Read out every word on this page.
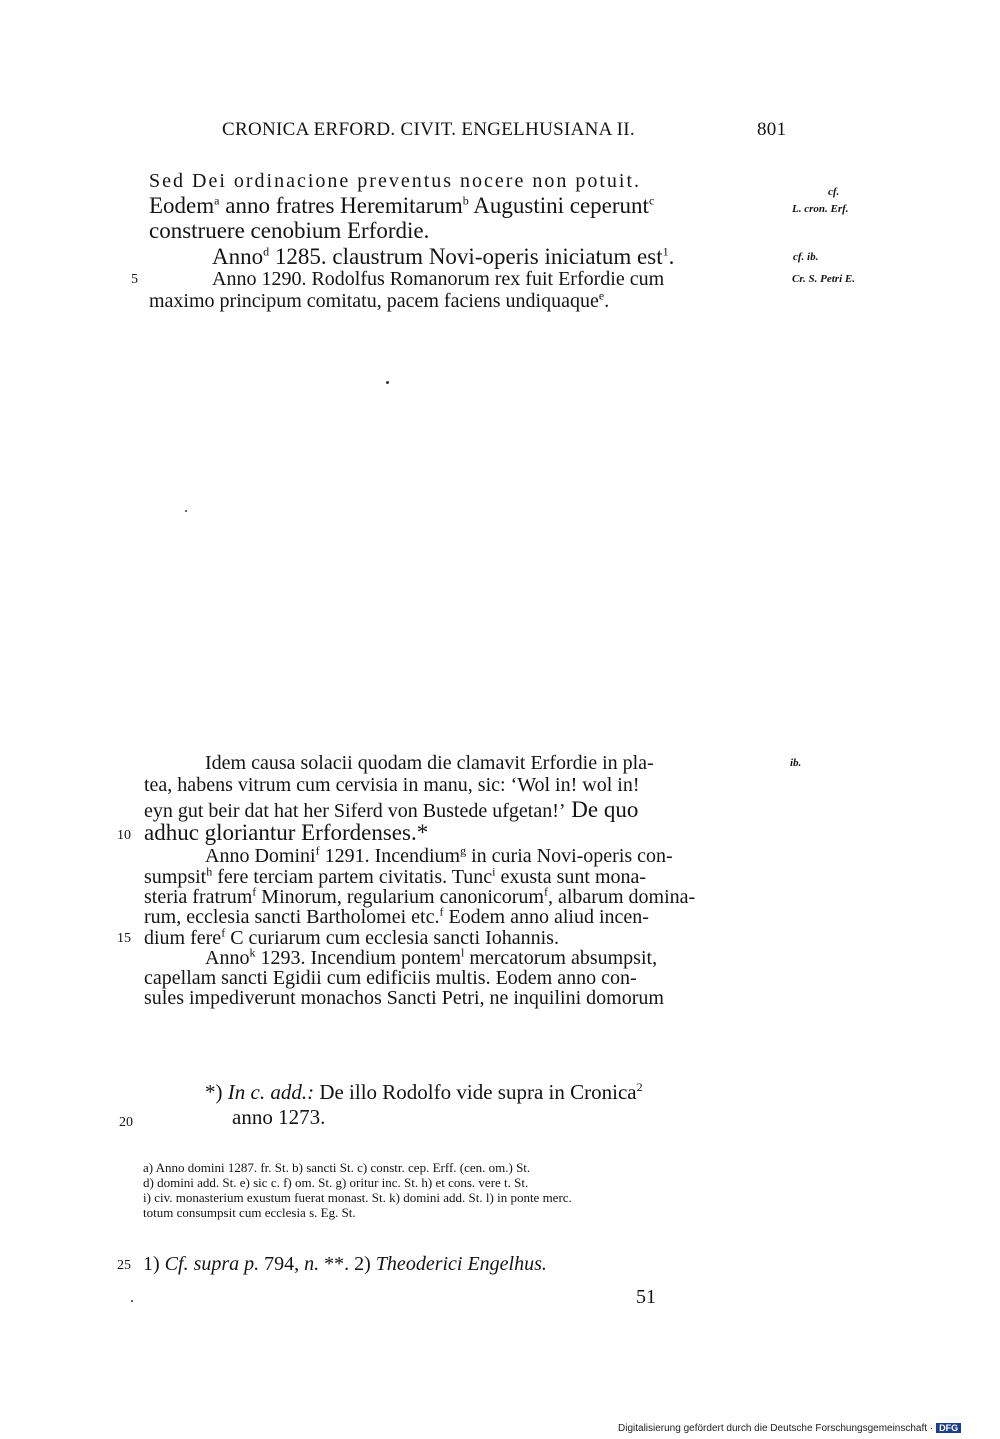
CRONICA ERFORD. CIVIT. ENGELHUSIANA II.	801
Sed Dei ordinacione preventus nocere non potuit.
Eodem$^a$ anno fratres Heremitarum$^b$ Augustini ceperunt$^c$
construere cenobium Erfordie.
Anno$^d$ 1285. claustrum Novi-operis iniciatum est$^1$.
Anno 1290. Rodolfus Romanorum rex fuit Erfordie cum
maximo principum comitatu, pacem faciens undiquaque$^e$.
5
10
15
20
25
cf.
L. cron. Erf.
cf. ib.
Cr. S. Petri E.
ib.
Idem causa solacii quodam die clamavit Erfordie in pla-
tea, habens vitrum cum cervisia in manu, sic: ‘Wol in! wol in!
eyn gut beir dat hat her Siferd von Bustede ufgetan!’ De quo
adhuc gloriantur Erfordenses.*
Anno Domini$^f$ 1291. Incendium$^g$ in curia Novi-operis con-
sumpsit$^h$ fere terciam partem civitatis. Tunc$^i$ exusta sunt mona-
steria fratrum$^f$ Minorum, regularium canonicorum$^f$, albarum domina-
rum, ecclesia sancti Bartholomei etc.$^f$ Eodem anno aliud incen-
dium fere$^f$ C curiarum cum ecclesia sancti Iohannis.
Anno$^k$ 1293. Incendium pontem$^l$ mercatorum absumpsit,
capellam sancti Egidii cum edificiis multis. Eodem anno con-
sules impediverunt monachos Sancti Petri, ne inquilini domorum
*) In c. add.: De illo Rodolfo vide supra in Cronica$^2$
anno 1273.
a) Anno domini 1287. fr. St. b) sancti St. c) constr. cep. Erff. (cen. om.) St.
d) domini add. St. e) sic c. f) om. St. g) oritur inc. St. h) et cons. vere t. St.
i) civ. monasterium exustum fuerat monast. St. k) domini add. St. l) in ponte merc.
totum consumpsit cum ecclesia s. Eg. St.
1) Cf. supra p. 794, n. **. 2) Theoderici Engelhus.
51
Digitalisierung gefördert durch die Deutsche Forschungsgemeinschaft · DFG
